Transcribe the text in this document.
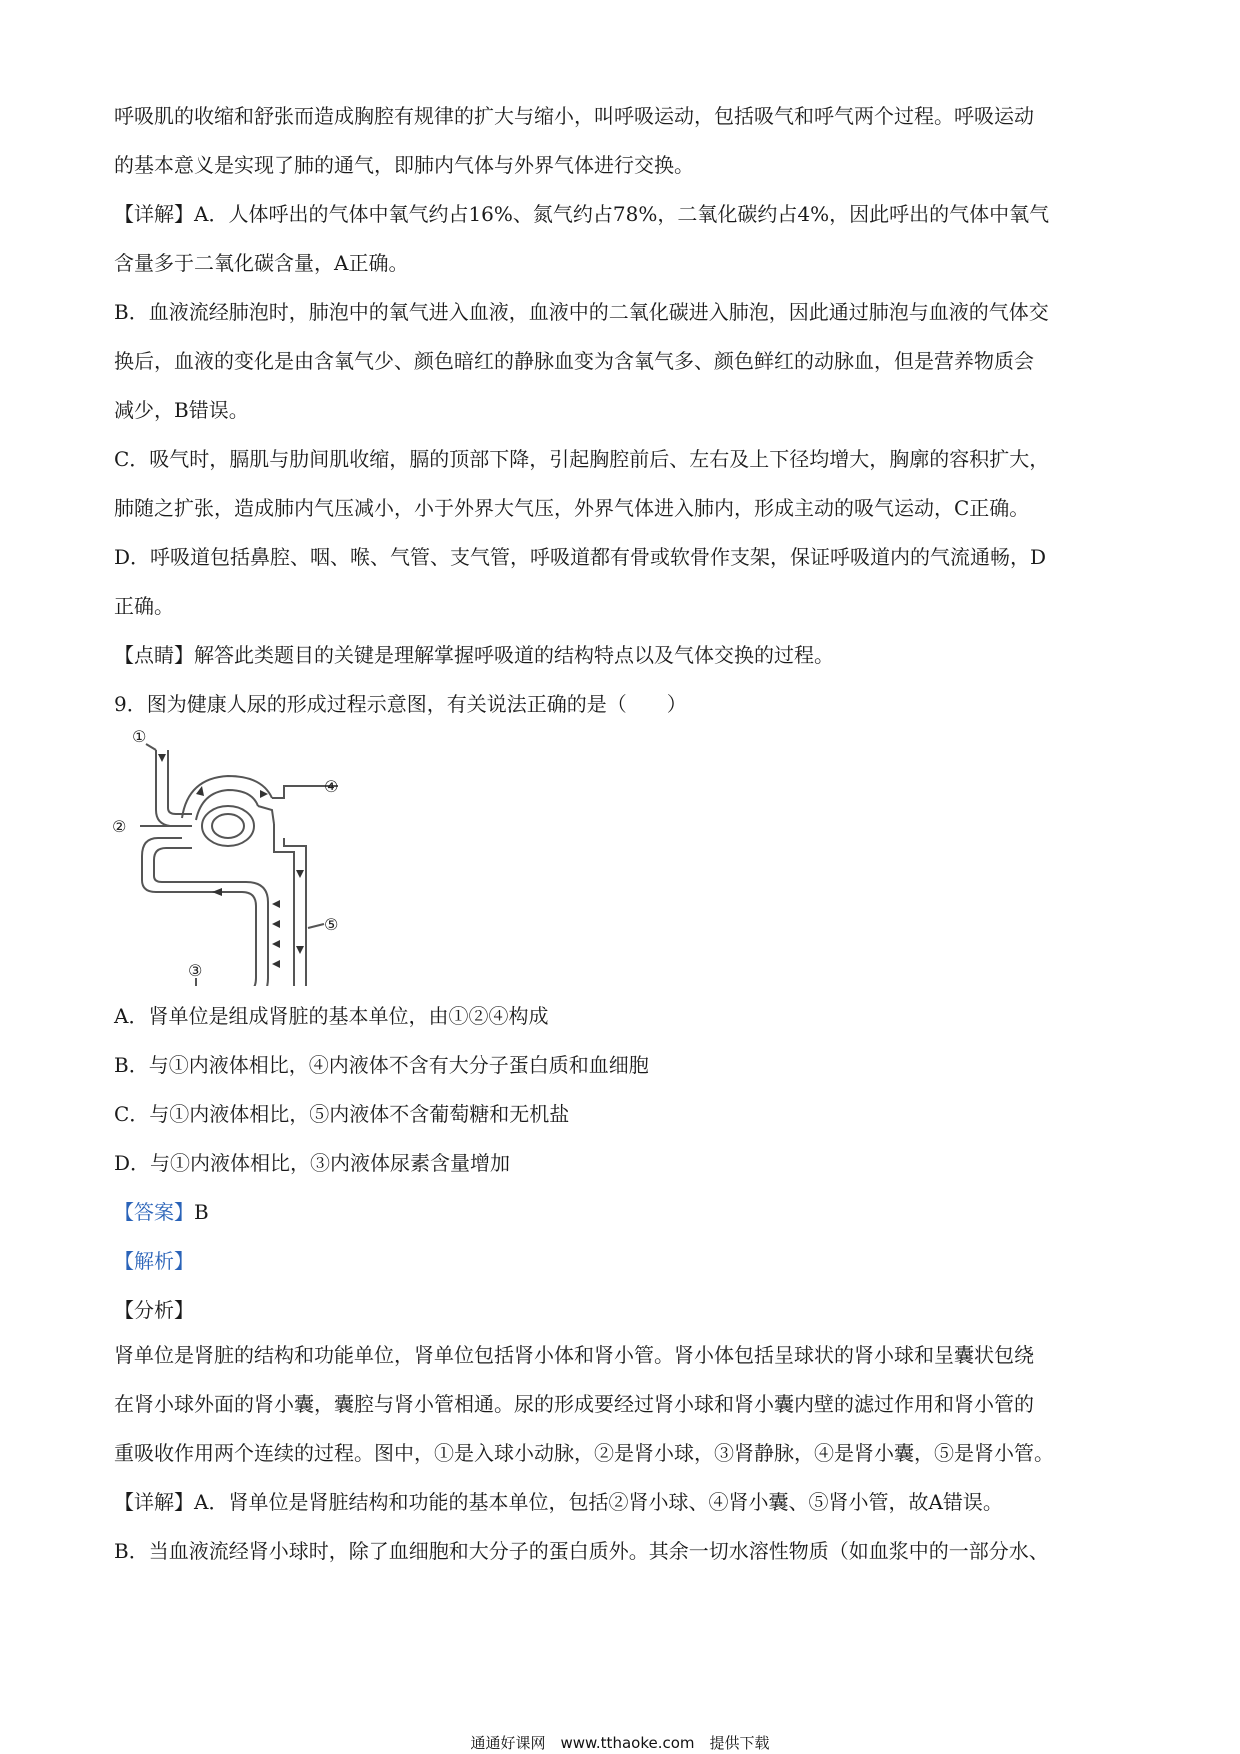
呼吸肌的收缩和舒张而造成胸腔有规律的扩大与缩小，叫呼吸运动，包括吸气和呼气两个过程。呼吸运动
的基本意义是实现了肺的通气，即肺内气体与外界气体进行交换。

【详解】A．人体呼出的气体中氧气约占16%、氮气约占78%，二氧化碳约占4%，因此呼出的气体中氧气
含量多于二氧化碳含量，A正确。

B．血液流经肺泡时，肺泡中的氧气进入血液，血液中的二氧化碳进入肺泡，因此通过肺泡与血液的气体交
换后，血液的变化是由含氧气少、颜色暗红的静脉血变为含氧气多、颜色鲜红的动脉血，但是营养物质会
减少，B错误。

C．吸气时，膈肌与肋间肌收缩，膈的顶部下降，引起胸腔前后、左右及上下径均增大，胸廓的容积扩大，
肺随之扩张，造成肺内气压减小，小于外界大气压，外界气体进入肺内，形成主动的吸气运动，C正确。

D．呼吸道包括鼻腔、咽、喉、气管、支气管，呼吸道都有骨或软骨作支架，保证呼吸道内的气流通畅，D
正确。

【点睛】解答此类题目的关键是理解掌握呼吸道的结构特点以及气体交换的过程。

9．图为健康人尿的形成过程示意图，有关说法正确的是（　　）

①
②
③
④
⑤

A．肾单位是组成肾脏的基本单位，由①②④构成

B．与①内液体相比，④内液体不含有大分子蛋白质和血细胞

C．与①内液体相比，⑤内液体不含葡萄糖和无机盐

D．与①内液体相比，③内液体尿素含量增加

【答案】B

【解析】

【分析】

肾单位是肾脏的结构和功能单位，肾单位包括肾小体和肾小管。肾小体包括呈球状的肾小球和呈囊状包绕
在肾小球外面的肾小囊，囊腔与肾小管相通。尿的形成要经过肾小球和肾小囊内壁的滤过作用和肾小管的
重吸收作用两个连续的过程。图中，①是入球小动脉，②是肾小球，③肾静脉，④是肾小囊，⑤是肾小管。

【详解】A．肾单位是肾脏结构和功能的基本单位，包括②肾小球、④肾小囊、⑤肾小管，故A错误。

B．当血液流经肾小球时，除了血细胞和大分子的蛋白质外。其余一切水溶性物质（如血浆中的一部分水、

通通好课网　www.tthaoke.com　提供下载
